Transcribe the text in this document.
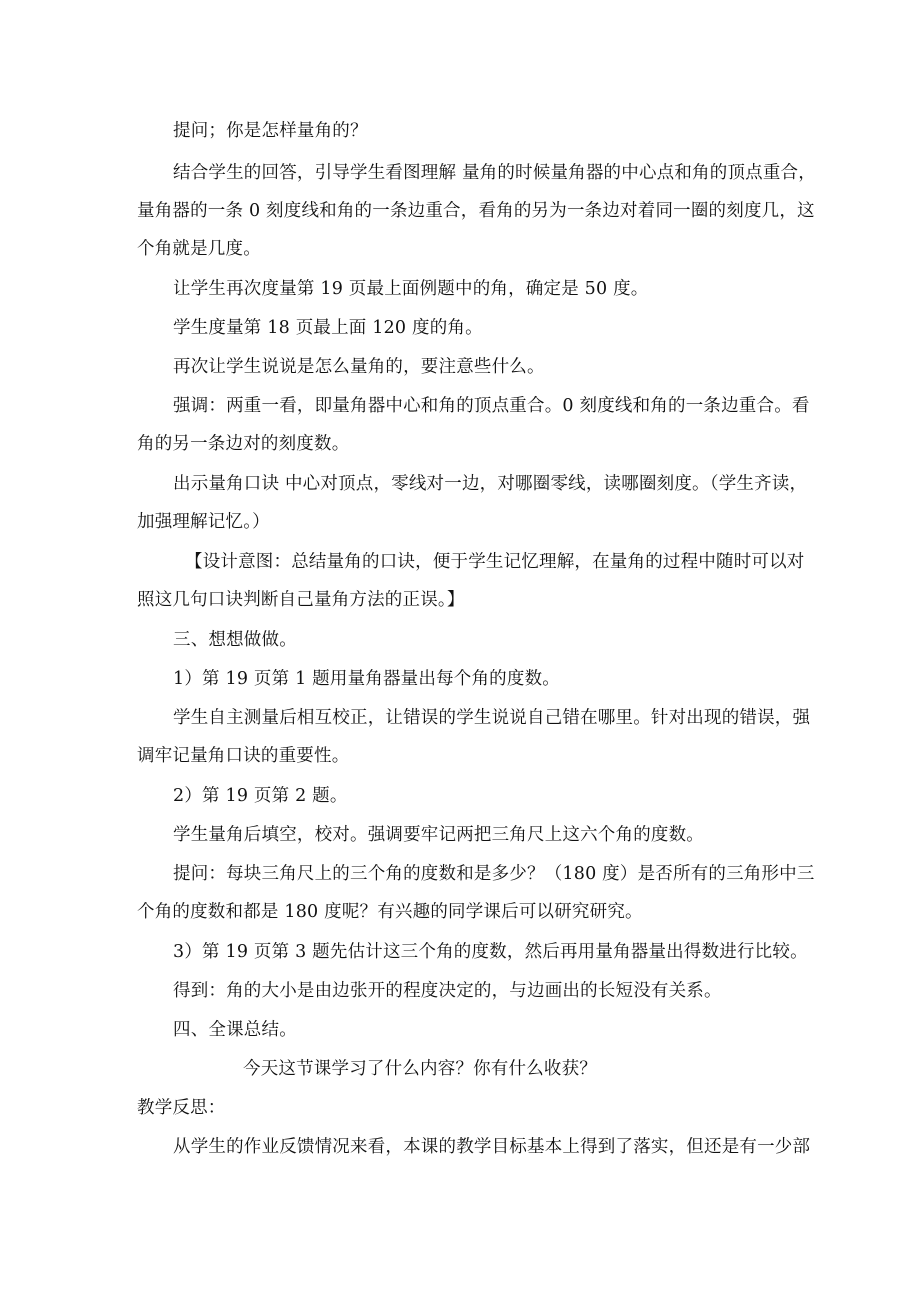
提问；你是怎样量角的？
结合学生的回答，引导学生看图理解 量角的时候量角器的中心点和角的顶点重合，
量角器的一条 0 刻度线和角的一条边重合，看角的另为一条边对着同一圈的刻度几，这
个角就是几度。
让学生再次度量第 19 页最上面例题中的角，确定是 50 度。
学生度量第 18 页最上面 120 度的角。
再次让学生说说是怎么量角的，要注意些什么。
强调：两重一看，即量角器中心和角的顶点重合。0 刻度线和角的一条边重合。看
角的另一条边对的刻度数。
出示量角口诀 中心对顶点，零线对一边，对哪圈零线，读哪圈刻度。（学生齐读，
加强理解记忆。）
【设计意图：总结量角的口诀，便于学生记忆理解，在量角的过程中随时可以对
照这几句口诀判断自己量角方法的正误。】
三、想想做做。
1）第 19 页第 1 题用量角器量出每个角的度数。
学生自主测量后相互校正，让错误的学生说说自己错在哪里。针对出现的错误，强
调牢记量角口诀的重要性。
2）第 19 页第 2 题。
学生量角后填空，校对。强调要牢记两把三角尺上这六个角的度数。
提问：每块三角尺上的三个角的度数和是多少？（180 度）是否所有的三角形中三
个角的度数和都是 180 度呢？有兴趣的同学课后可以研究研究。
3）第 19 页第 3 题先估计这三个角的度数，然后再用量角器量出得数进行比较。
得到：角的大小是由边张开的程度决定的，与边画出的长短没有关系。
四、全课总结。
今天这节课学习了什么内容？你有什么收获？
教学反思：
从学生的作业反馈情况来看，本课的教学目标基本上得到了落实，但还是有一少部
